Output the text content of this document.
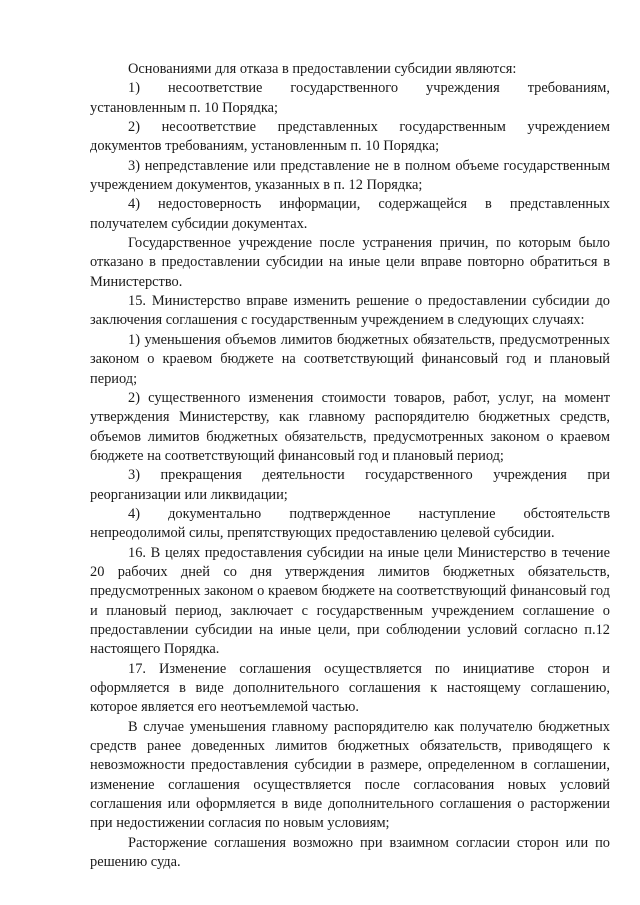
Основаниями для отказа в предоставлении субсидии являются:

1) несоответствие государственного учреждения требованиям, установленным п. 10 Порядка;

2) несоответствие представленных государственным учреждением документов требованиям, установленным п. 10 Порядка;

3) непредставление или представление не в полном объеме государственным учреждением документов, указанных в п. 12 Порядка;

4) недостоверность информации, содержащейся в представленных получателем субсидии документах.

Государственное учреждение после устранения причин, по которым было отказано в предоставлении субсидии на иные цели вправе повторно обратиться в Министерство.

15. Министерство вправе изменить решение о предоставлении субсидии до заключения соглашения с государственным учреждением в следующих случаях:

1) уменьшения объемов лимитов бюджетных обязательств, предусмотренных законом о краевом бюджете на соответствующий финансовый год и плановый период;

2) существенного изменения стоимости товаров, работ, услуг, на момент утверждения Министерству, как главному распорядителю бюджетных средств, объемов лимитов бюджетных обязательств, предусмотренных законом о краевом бюджете на соответствующий финансовый год и плановый период;

3) прекращения деятельности государственного учреждения при реорганизации или ликвидации;

4) документально подтвержденное наступление обстоятельств непреодолимой силы, препятствующих предоставлению целевой субсидии.

16. В целях предоставления субсидии на иные цели Министерство в течение 20 рабочих дней со дня утверждения лимитов бюджетных обязательств, предусмотренных законом о краевом бюджете на соответствующий финансовый год и плановый период, заключает с государственным учреждением соглашение о предоставлении субсидии на иные цели, при соблюдении условий согласно п.12 настоящего Порядка.

17. Изменение соглашения осуществляется по инициативе сторон и оформляется в виде дополнительного соглашения к настоящему соглашению, которое является его неотъемлемой частью.

В случае уменьшения главному распорядителю как получателю бюджетных средств ранее доведенных лимитов бюджетных обязательств, приводящего к невозможности предоставления субсидии в размере, определенном в соглашении, изменение соглашения осуществляется после согласования новых условий соглашения или оформляется в виде дополнительного соглашения о расторжении при недостижении согласия по новым условиям;

Расторжение соглашения возможно при взаимном согласии сторон или по решению суда.
